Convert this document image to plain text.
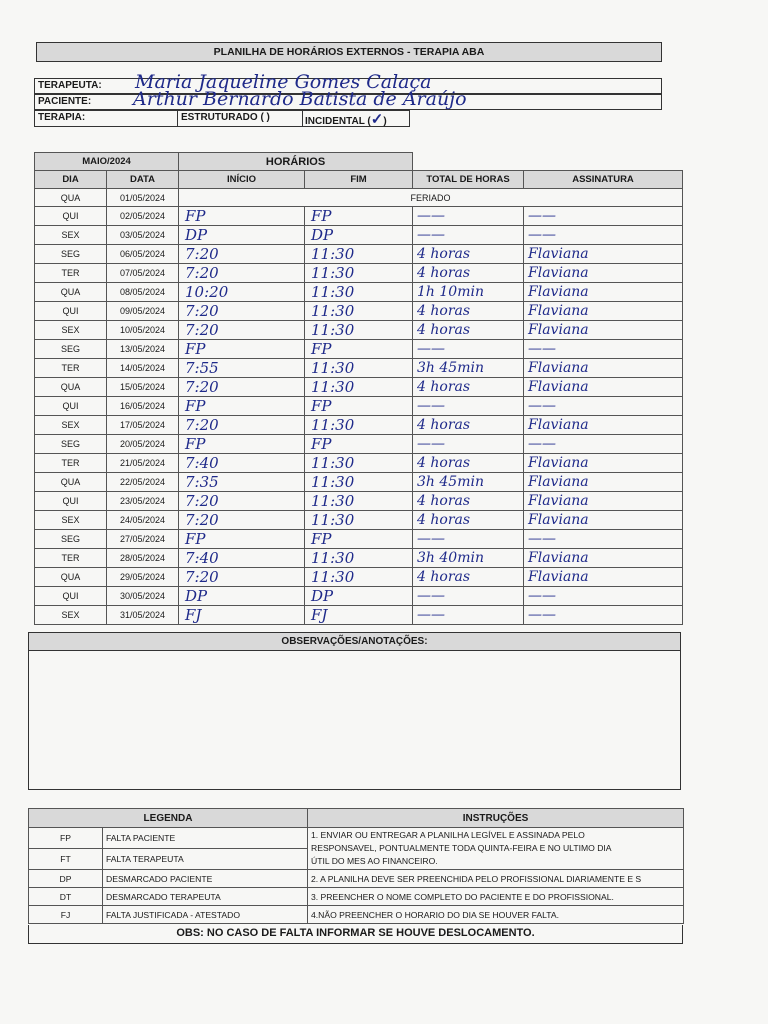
PLANILHA DE HORÁRIOS EXTERNOS - TERAPIA ABA
TERAPEUTA: Maria Jaqueline Gomes Calaça
PACIENTE: Arthur Bernardo Batista de Araújo
TERAPIA:	ESTRUTURADO ( )	INCIDENTAL (✓)
MAIO/2024		HORÁRIOS			
DIA	DATA	INÍCIO	FIM	TOTAL DE HORAS	ASSINATURA
QUA	01/05/2024	FERIADO			
QUI	02/05/2024	FP	FP	——	——
SEX	03/05/2024	DP	DP	——	——
SEG	06/05/2024	7:20	11:30	4 horas	Flaviana
TER	07/05/2024	7:20	11:30	4 horas	Flaviana
QUA	08/05/2024	10:20	11:30	1h 10min	Flaviana
QUI	09/05/2024	7:20	11:30	4 horas	Flaviana
SEX	10/05/2024	7:20	11:30	4 horas	Flaviana
SEG	13/05/2024	FP	FP	——	——
TER	14/05/2024	7:55	11:30	3h 45min	Flaviana
QUA	15/05/2024	7:20	11:30	4 horas	Flaviana
QUI	16/05/2024	FP	FP	——	——
SEX	17/05/2024	7:20	11:30	4 horas	Flaviana
SEG	20/05/2024	FP	FP	——	——
TER	21/05/2024	7:40	11:30	4 horas	Flaviana
QUA	22/05/2024	7:35	11:30	3h 45min	Flaviana
QUI	23/05/2024	7:20	11:30	4 horas	Flaviana
SEX	24/05/2024	7:20	11:30	4 horas	Flaviana
SEG	27/05/2024	FP	FP	——	——
TER	28/05/2024	7:40	11:30	3h 40min	Flaviana
QUA	29/05/2024	7:20	11:30	4 horas	Flaviana
QUI	30/05/2024	DP	DP	——	——
SEX	31/05/2024	FJ	FJ	——	——
OBSERVAÇÕES/ANOTAÇÕES:
LEGENDA		INSTRUÇÕES
FP	FALTA PACIENTE	1. ENVIAR OU ENTREGAR A PLANILHA LEGÍVEL E ASSINADA PELO
RESPONSAVEL, PONTUALMENTE TODA QUINTA-FEIRA E NO ULTIMO DIA
ÚTIL DO MES AO FINANCEIRO.

FT	FALTA TERAPEUTA	
DP	DESMARCADO PACIENTE	2. A PLANILHA DEVE SER PREENCHIDA PELO PROFISSIONAL DIARIAMENTE E S
DT	DESMARCADO TERAPEUTA	3. PREENCHER O NOME COMPLETO DO PACIENTE E DO PROFISSIONAL.
FJ	FALTA JUSTIFICADA - ATESTADO	4.NÃO PREENCHER O HORARIO DO DIA SE HOUVER FALTA.
OBS: NO CASO DE FALTA INFORMAR SE HOUVE DESLOCAMENTO.
